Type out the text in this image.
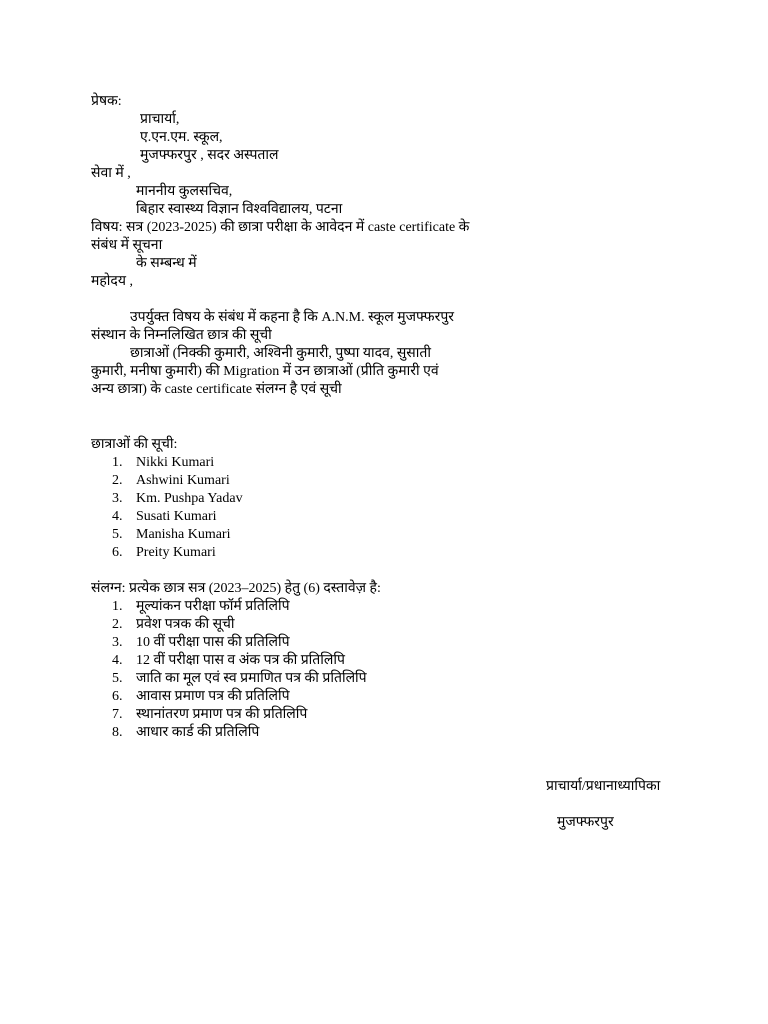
प्रेषक:
प्राचार्या,
ए.एन.एम. स्कूल,
मुजफ्फरपुर , सदर अस्पताल
सेवा में ,
माननीय कुलसचिव,
बिहार स्वास्थ्य विज्ञान विश्वविद्यालय, पटना
विषय: सत्र (2023-2025) की छात्रा परीक्षा के आवेदन में caste certificate के
संबंध में सूचना
के सम्बन्ध में
महोदय ,
उपर्युक्त विषय के संबंध में कहना है कि A.N.M. स्कूल मुजफ्फरपुर
संस्थान के निम्नलिखित छात्र की सूची
छात्राओं (निक्की कुमारी, अश्विनी कुमारी, पुष्पा यादव, सुसाती
कुमारी, मनीषा कुमारी) की Migration में उन छात्राओं (प्रीति कुमारी एवं
अन्य छात्रा) के caste certificate संलग्न है एवं सूची
छात्राओं की सूची:
1. Nikki Kumari
2. Ashwini Kumari
3. Km. Pushpa Yadav
4. Susati Kumari
5. Manisha Kumari
6. Preity Kumari
संलग्न: प्रत्येक छात्र सत्र (2023–2025) हेतु (6) दस्तावेज़ है:
1. मूल्यांकन परीक्षा फॉर्म प्रतिलिपि
2. प्रवेश पत्रक की सूची
3. 10 वीं परीक्षा पास की प्रतिलिपि
4. 12 वीं परीक्षा पास व अंक पत्र की प्रतिलिपि
5. जाति का मूल एवं स्व प्रमाणित पत्र की प्रतिलिपि
6. आवास प्रमाण पत्र की प्रतिलिपि
7. स्थानांतरण प्रमाण पत्र की प्रतिलिपि
8. आधार कार्ड की प्रतिलिपि
प्राचार्या/प्रधानाध्यापिका
मुजफ्फरपुर
